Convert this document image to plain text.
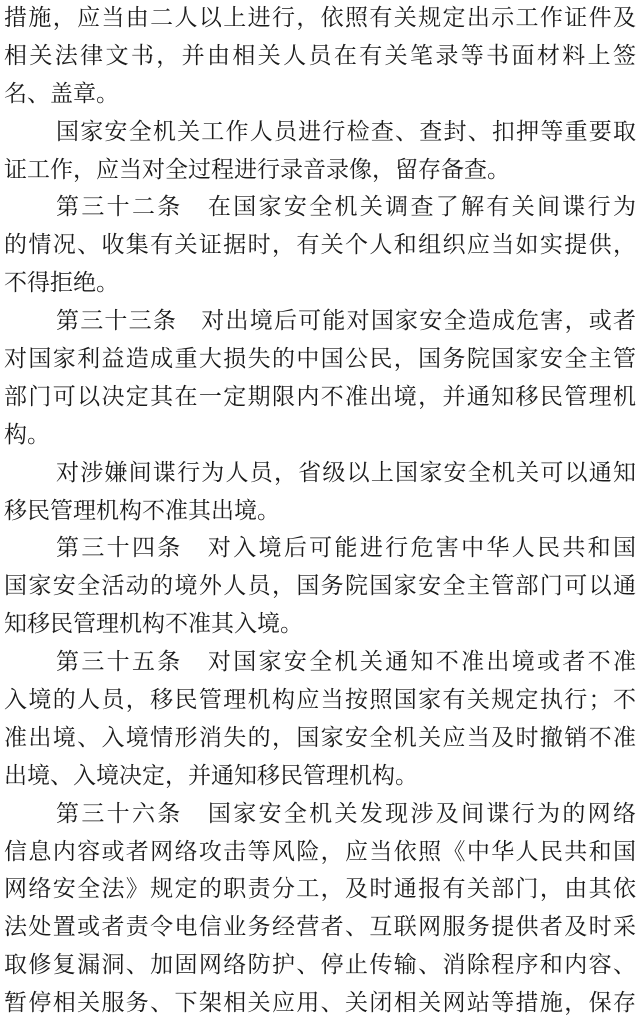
措施，应当由二人以上进行，依照有关规定出示工作证件及
相关法律文书，并由相关人员在有关笔录等书面材料上签
名、盖章。
国家安全机关工作人员进行检查、查封、扣押等重要取
证工作，应当对全过程进行录音录像，留存备查。
第三十二条　在国家安全机关调查了解有关间谍行为
的情况、收集有关证据时，有关个人和组织应当如实提供，
不得拒绝。
第三十三条　对出境后可能对国家安全造成危害，或者
对国家利益造成重大损失的中国公民，国务院国家安全主管
部门可以决定其在一定期限内不准出境，并通知移民管理机
构。
对涉嫌间谍行为人员，省级以上国家安全机关可以通知
移民管理机构不准其出境。
第三十四条　对入境后可能进行危害中华人民共和国
国家安全活动的境外人员，国务院国家安全主管部门可以通
知移民管理机构不准其入境。
第三十五条　对国家安全机关通知不准出境或者不准
入境的人员，移民管理机构应当按照国家有关规定执行；不
准出境、入境情形消失的，国家安全机关应当及时撤销不准
出境、入境决定，并通知移民管理机构。
第三十六条　国家安全机关发现涉及间谍行为的网络
信息内容或者网络攻击等风险，应当依照《中华人民共和国
网络安全法》规定的职责分工，及时通报有关部门，由其依
法处置或者责令电信业务经营者、互联网服务提供者及时采
取修复漏洞、加固网络防护、停止传输、消除程序和内容、
暂停相关服务、下架相关应用、关闭相关网站等措施，保存
